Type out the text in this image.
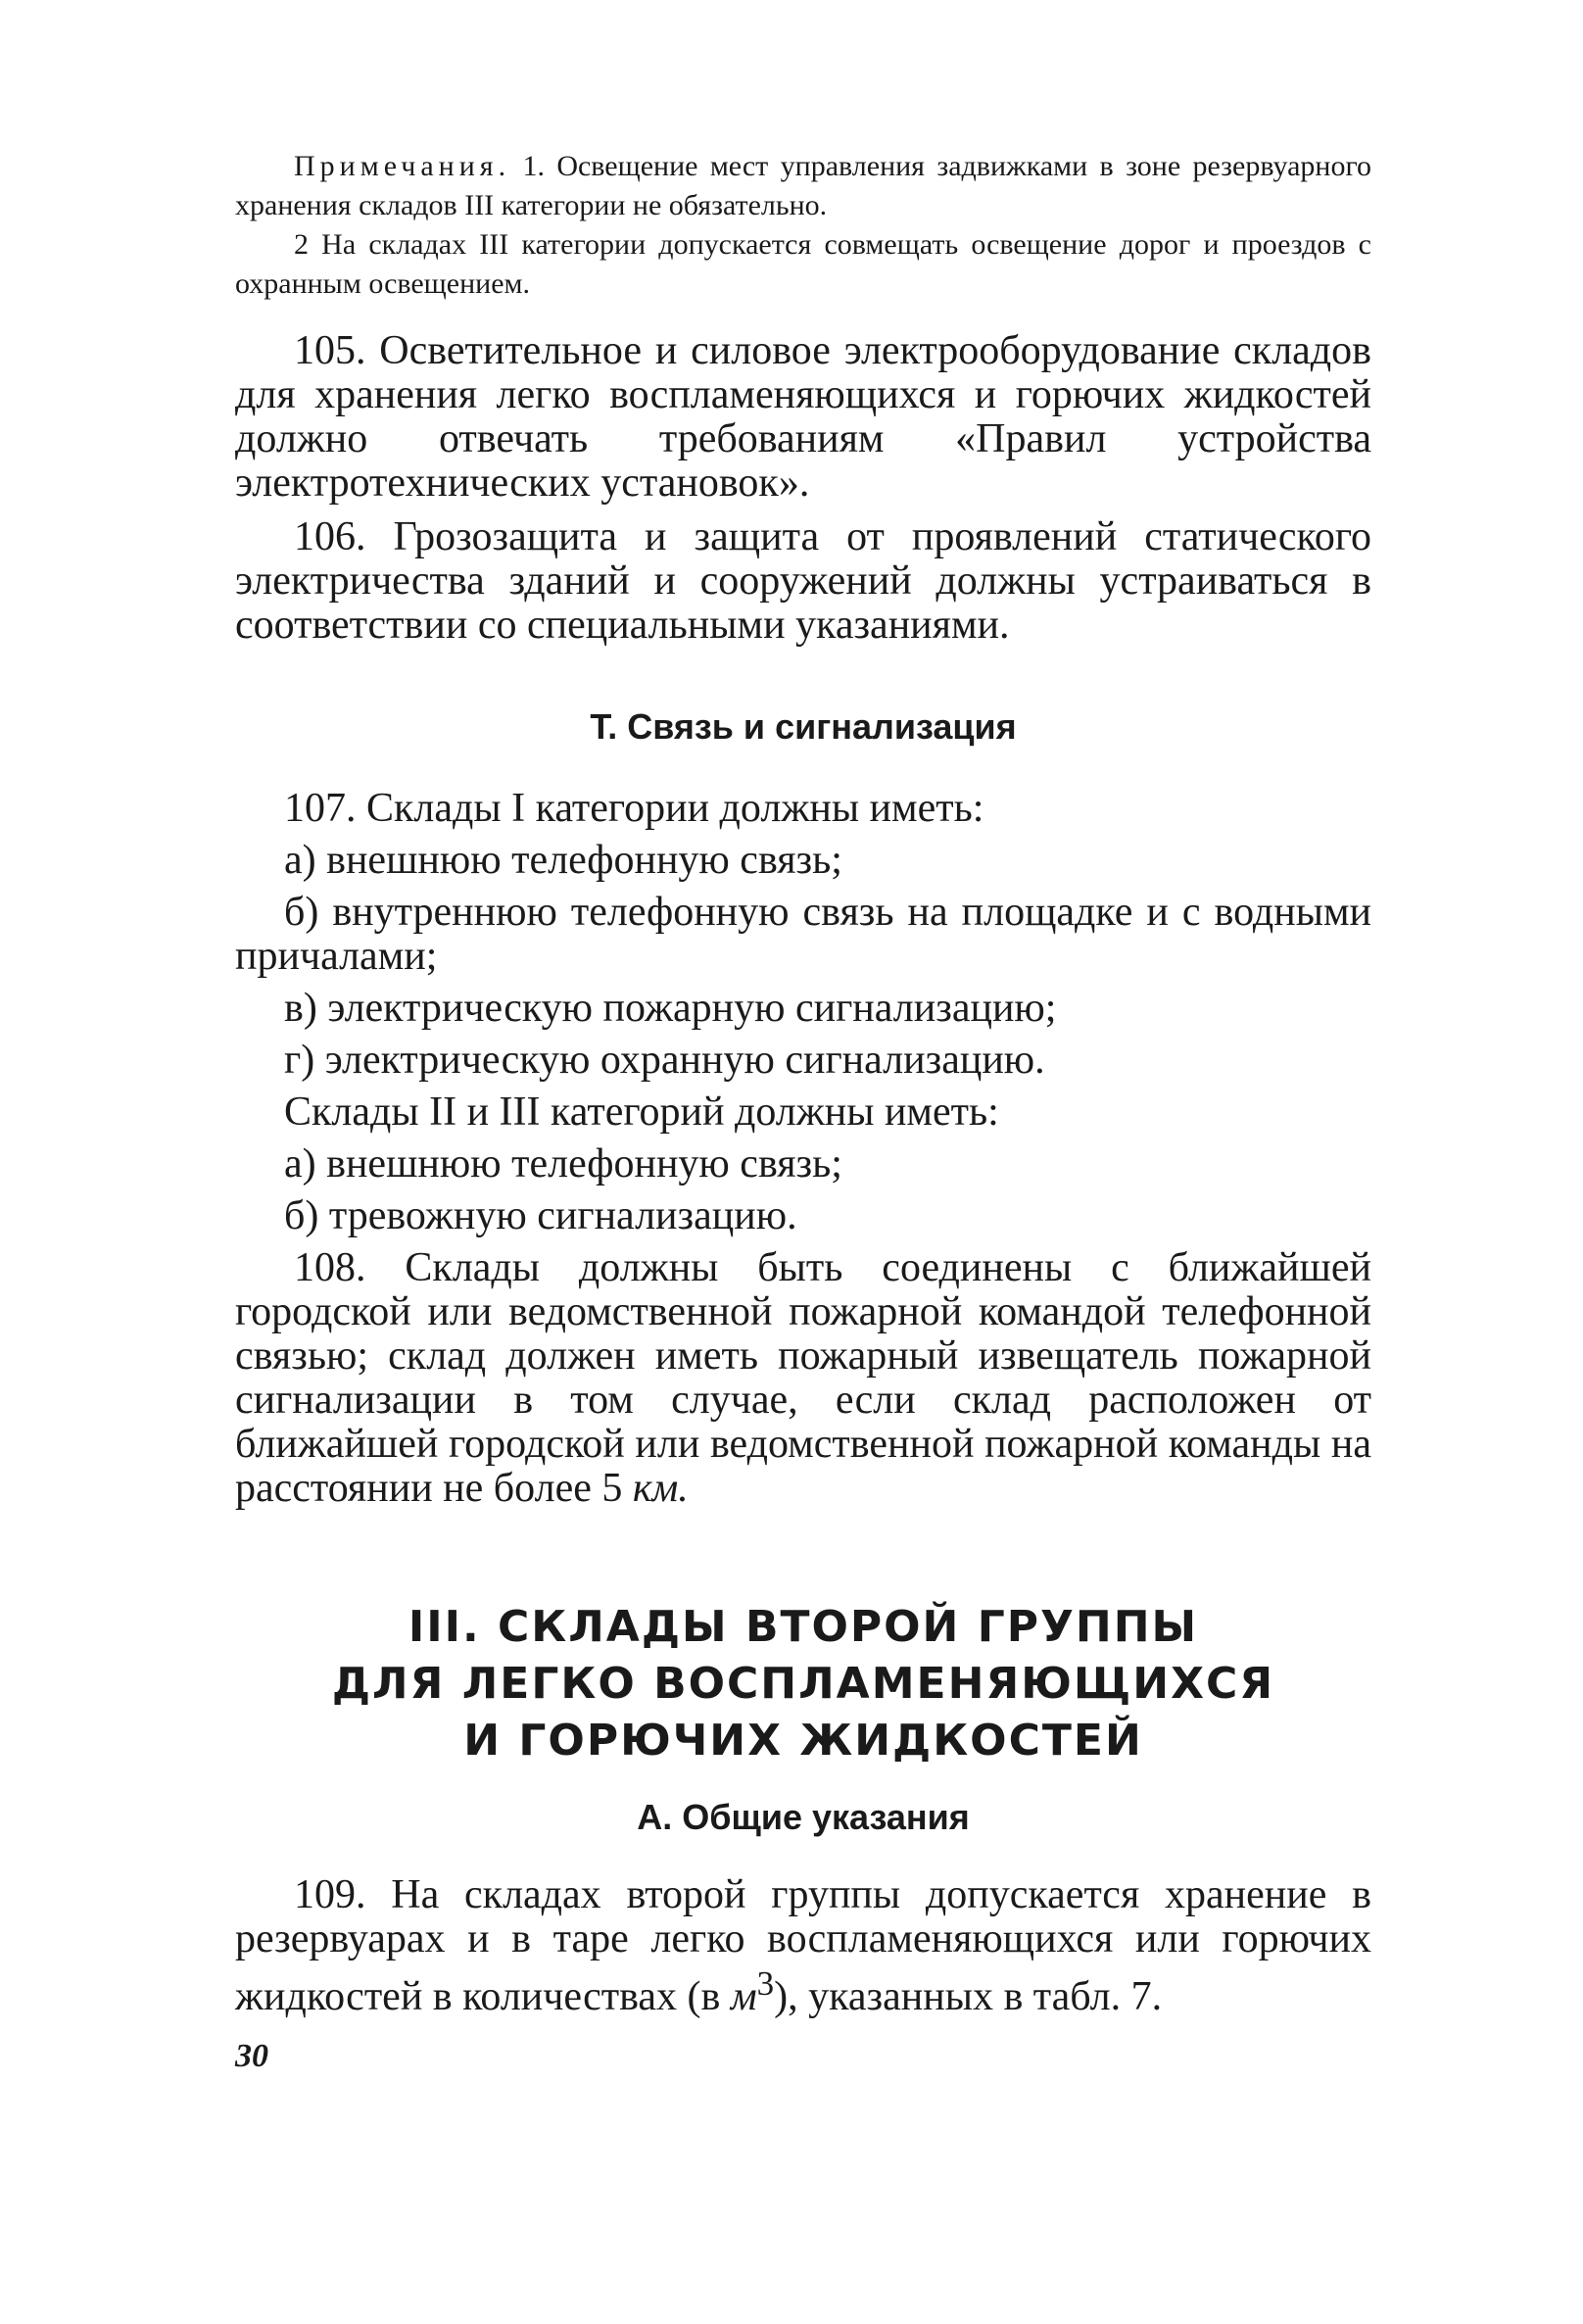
Примечания. 1. Освещение мест управления задвижками в зоне резервуарного хранения складов III категории не обязательно.

2 На складах III категории допускается совмещать освещение дорог и проездов с охранным освещением.

105. Осветительное и силовое электрооборудование складов для хранения легко воспламеняющихся и горючих жидкостей должно отвечать требованиям «Правил устройства электротехнических установок».

106. Грозозащита и защита от проявлений статического электричества зданий и сооружений должны устраиваться в соответствии со специальными указаниями.

Т. Связь и сигнализация

107. Склады I категории должны иметь:

а) внешнюю телефонную связь;

б) внутреннюю телефонную связь на площадке и с водными причалами;

в) электрическую пожарную сигнализацию;

г) электрическую охранную сигнализацию.

Склады II и III категорий должны иметь:

а) внешнюю телефонную связь;

б) тревожную сигнализацию.

108. Склады должны быть соединены с ближайшей городской или ведомственной пожарной командой телефонной связью; склад должен иметь пожарный извещатель пожарной сигнализации в том случае, если склад расположен от ближайшей городской или ведомственной пожарной команды на расстоянии не более 5 км.

III. СКЛАДЫ ВТОРОЙ ГРУППЫ
ДЛЯ ЛЕГКО ВОСПЛАМЕНЯЮЩИХСЯ
И ГОРЮЧИХ ЖИДКОСТЕЙ
А. Общие указания

109. На складах второй группы допускается хранение в резервуарах и в таре легко воспламеняющихся или горючих жидкостей в количествах (в $м^3$), указанных в табл. 7.

30
